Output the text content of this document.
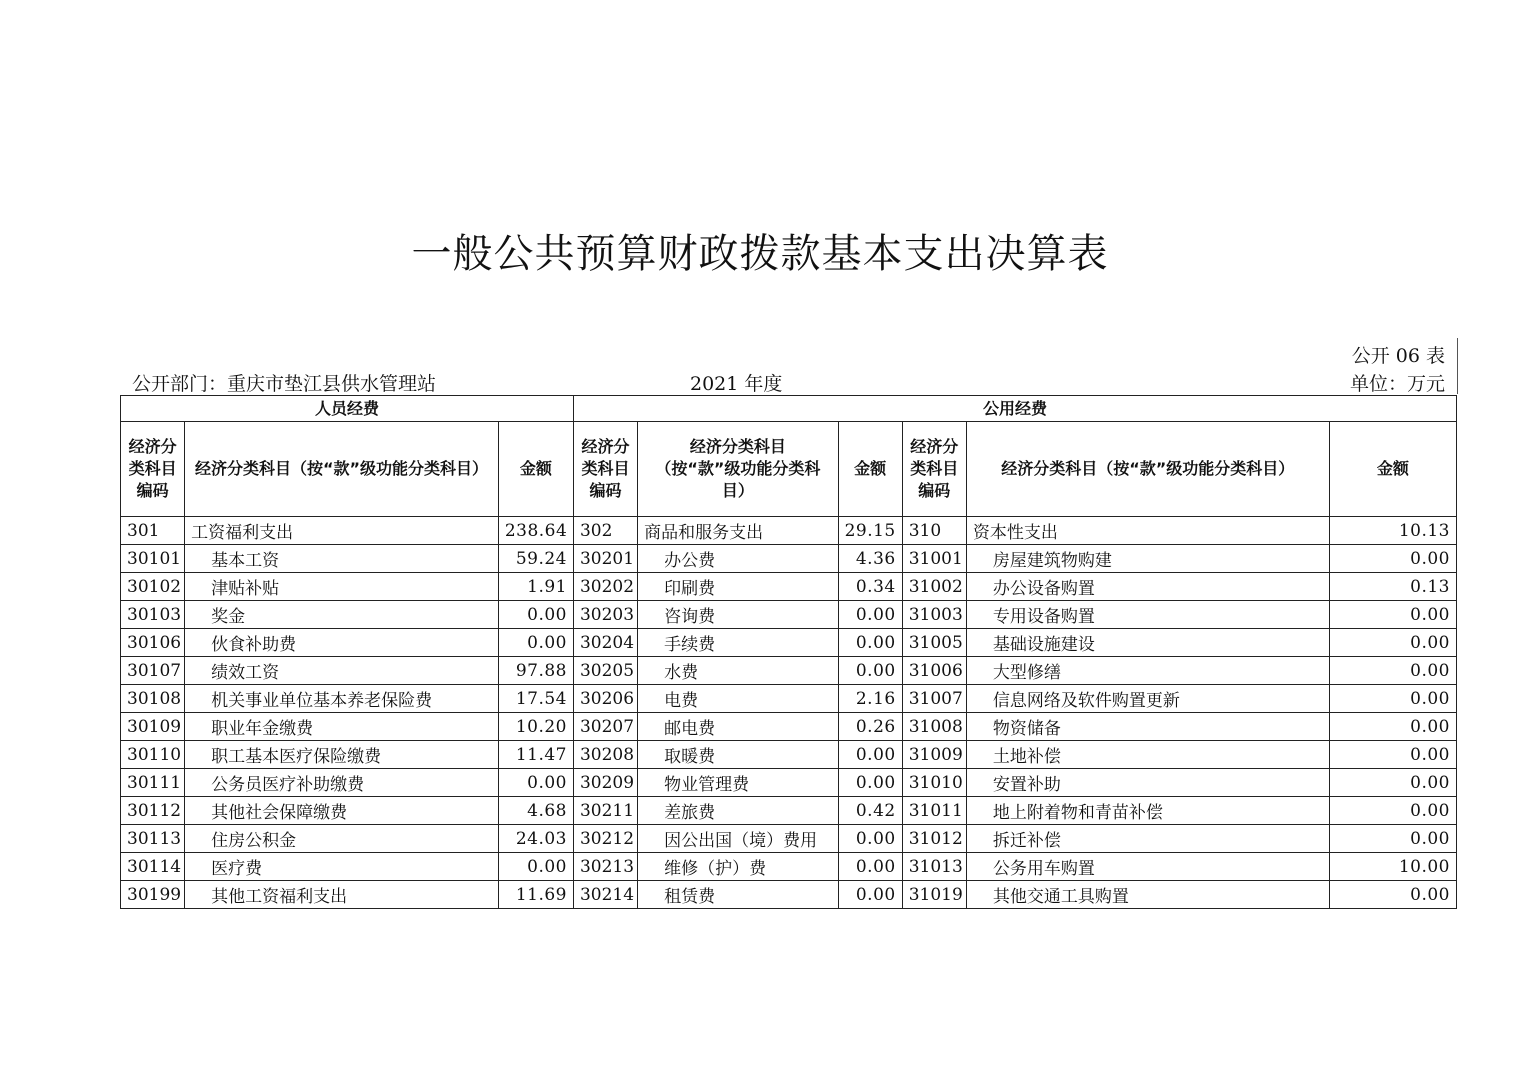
一般公共预算财政拨款基本支出决算表
公开 06 表
公开部门：重庆市垫江县供水管理站	2021 年度	单位：万元
人员经费			公用经费					
经济分类科目编码	经济分类科目（按“款”级功能分类科目）	金额	经济分类科目编码	经济分类科目（按“款”级功能分类科目）	金额	经济分类科目编码	经济分类科目（按“款”级功能分类科目）	金额
301	工资福利支出	238.64	302	商品和服务支出	29.15	310	资本性支出	10.13
30101	基本工资	59.24	30201	办公费	4.36	31001	房屋建筑物购建	0.00
30102	津贴补贴	1.91	30202	印刷费	0.34	31002	办公设备购置	0.13
30103	奖金	0.00	30203	咨询费	0.00	31003	专用设备购置	0.00
30106	伙食补助费	0.00	30204	手续费	0.00	31005	基础设施建设	0.00
30107	绩效工资	97.88	30205	水费	0.00	31006	大型修缮	0.00
30108	机关事业单位基本养老保险费	17.54	30206	电费	2.16	31007	信息网络及软件购置更新	0.00
30109	职业年金缴费	10.20	30207	邮电费	0.26	31008	物资储备	0.00
30110	职工基本医疗保险缴费	11.47	30208	取暖费	0.00	31009	土地补偿	0.00
30111	公务员医疗补助缴费	0.00	30209	物业管理费	0.00	31010	安置补助	0.00
30112	其他社会保障缴费	4.68	30211	差旅费	0.42	31011	地上附着物和青苗补偿	0.00
30113	住房公积金	24.03	30212	因公出国（境）费用	0.00	31012	拆迁补偿	0.00
30114	医疗费	0.00	30213	维修（护）费	0.00	31013	公务用车购置	10.00
30199	其他工资福利支出	11.69	30214	租赁费	0.00	31019	其他交通工具购置	0.00
